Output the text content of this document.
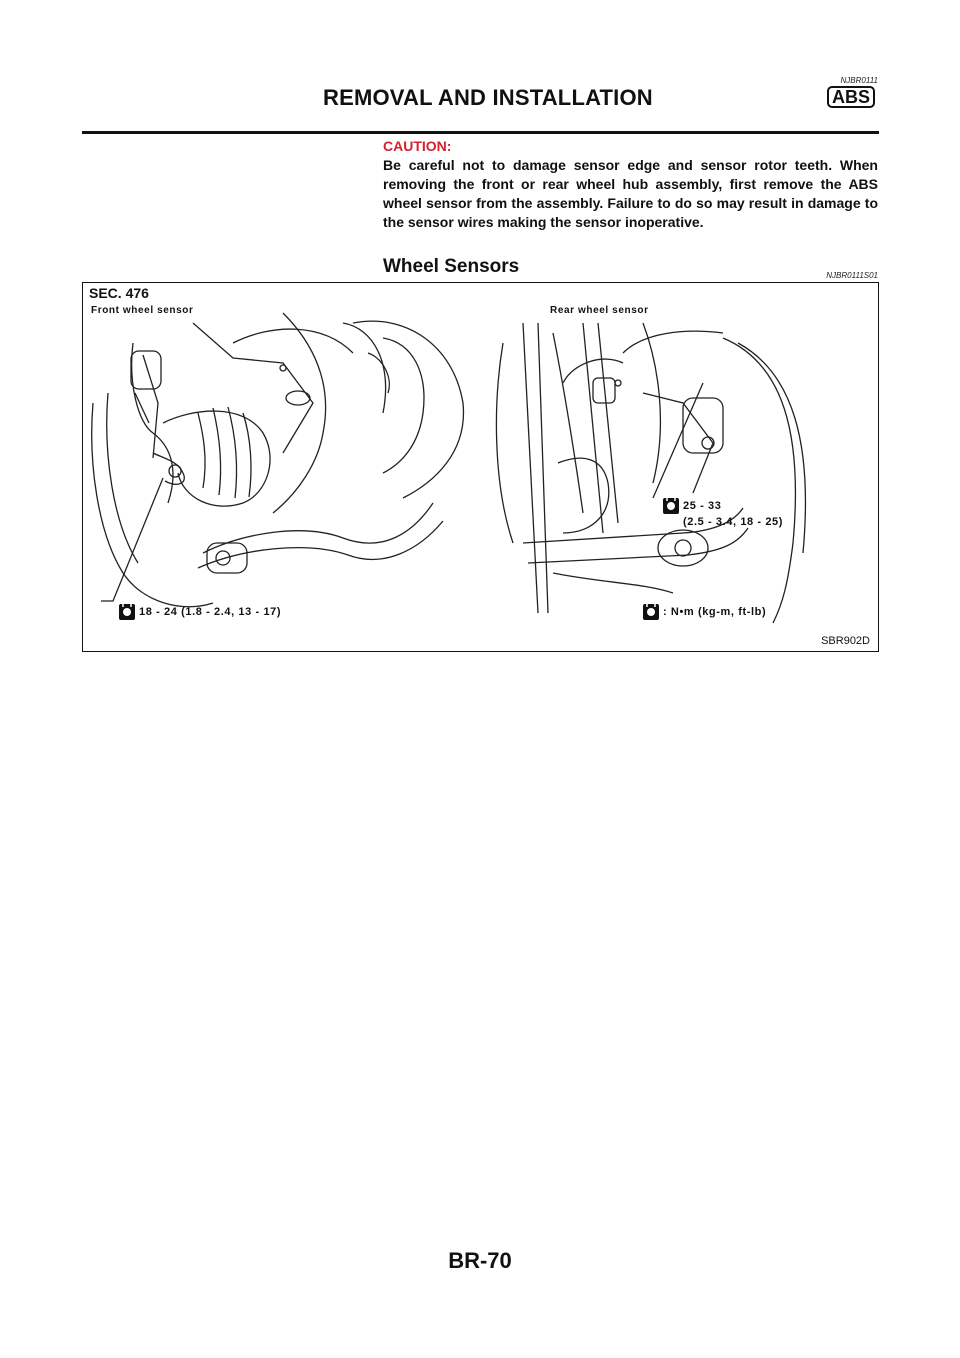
NJBR0111
REMOVAL AND INSTALLATION	ABS
CAUTION:
Be careful not to damage sensor edge and sensor rotor teeth. When removing the front or rear wheel hub assembly, first remove the ABS wheel sensor from the assembly. Failure to do so may result in damage to the sensor wires making the sensor inoperative.
Wheel Sensors	NJBR0111S01
SEC. 476
Front wheel sensor	Rear wheel sensor
18 - 24 (1.8 - 2.4, 13 - 17)
25 - 33
(2.5 - 3.4, 18 - 25)
: N•m (kg-m, ft-lb)
SBR902D
BR-70
